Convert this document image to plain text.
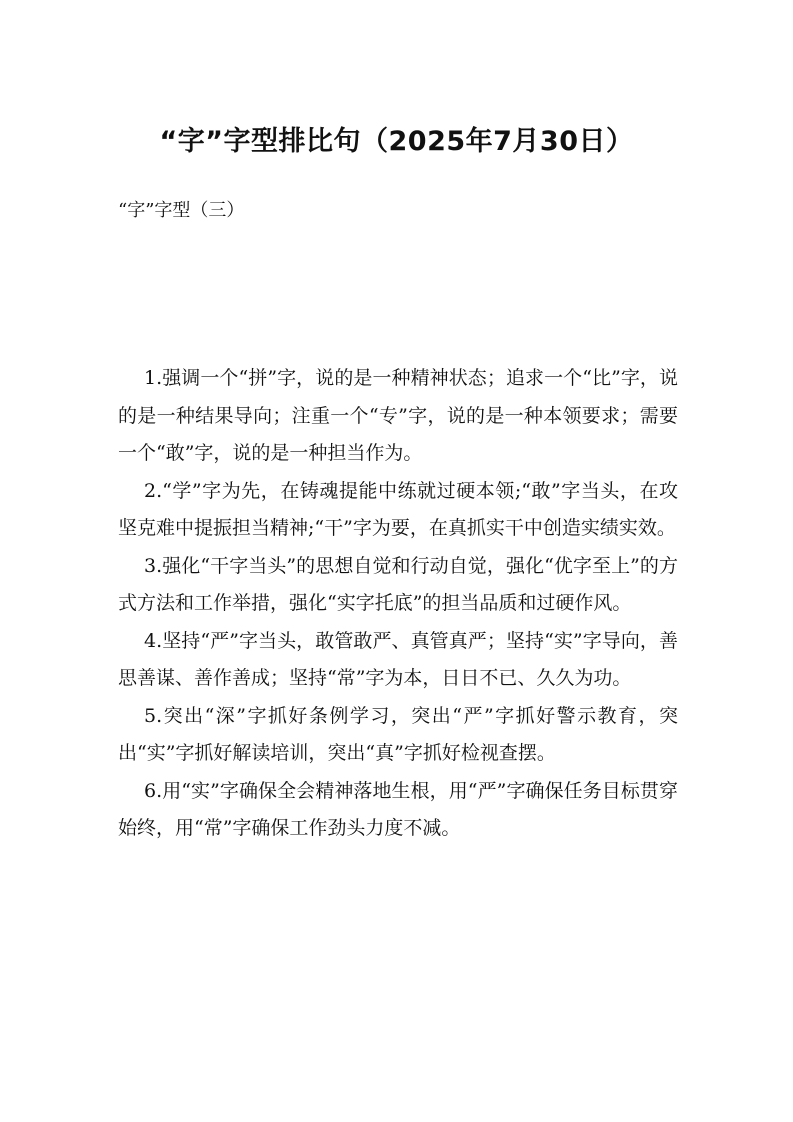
“字”字型排比句（2025年7月30日）

“字”字型（三）

1.强调一个“拼”字，说的是一种精神状态；追求一个“比”字，说的是一种结果导向；注重一个“专”字，说的是一种本领要求；需要一个“敢”字，说的是一种担当作为。

2.“学”字为先，在铸魂提能中练就过硬本领;“敢”字当头，在攻坚克难中提振担当精神;“干”字为要，在真抓实干中创造实绩实效。

3.强化“干字当头”的思想自觉和行动自觉，强化“优字至上”的方式方法和工作举措，强化“实字托底”的担当品质和过硬作风。

4.坚持“严”字当头，敢管敢严、真管真严；坚持“实”字导向，善思善谋、善作善成；坚持“常”字为本，日日不已、久久为功。

5.突出“深”字抓好条例学习，突出“严”字抓好警示教育，突出“实”字抓好解读培训，突出“真”字抓好检视查摆。

6.用“实”字确保全会精神落地生根，用“严”字确保任务目标贯穿始终，用“常”字确保工作劲头力度不减。
